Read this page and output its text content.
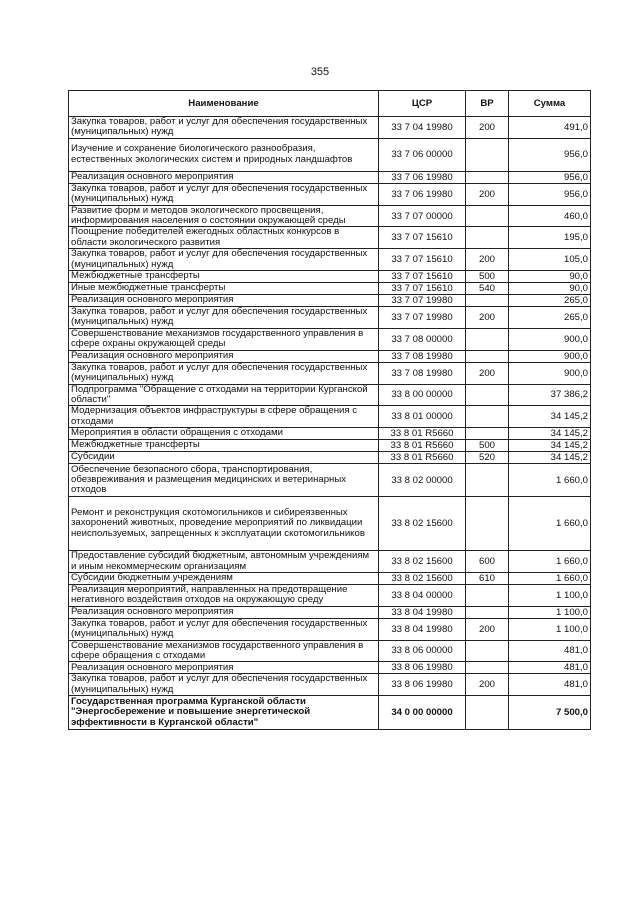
355
Наименование	ЦСР	ВР	Сумма
Закупка товаров, работ и услуг для обеспечения государственных (муниципальных) нужд	33 7 04 19980	200	491,0
Изучение и сохранение биологического разнообразия, естественных экологических систем и природных ландшафтов	33 7 06 00000		956,0
Реализация основного мероприятия	33 7 06 19980		956,0
Закупка товаров, работ и услуг для обеспечения государственных (муниципальных) нужд	33 7 06 19980	200	956,0
Развитие форм и методов экологического просвещения, информирования населения о состоянии окружающей среды	33 7 07 00000		460,0
Поощрение победителей ежегодных областных конкурсов в области экологического развития	33 7 07 15610		195,0
Закупка товаров, работ и услуг для обеспечения государственных (муниципальных) нужд	33 7 07 15610	200	105,0
Межбюджетные трансферты	33 7 07 15610	500	90,0
Иные межбюджетные трансферты	33 7 07 15610	540	90,0
Реализация основного мероприятия	33 7 07 19980		265,0
Закупка товаров, работ и услуг для обеспечения государственных (муниципальных) нужд	33 7 07 19980	200	265,0
Совершенствование механизмов государственного управления в сфере охраны окружающей среды	33 7 08 00000		900,0
Реализация основного мероприятия	33 7 08 19980		900,0
Закупка товаров, работ и услуг для обеспечения государственных (муниципальных) нужд	33 7 08 19980	200	900,0
Подпрограмма "Обращение с отходами на территории Курганской области"	33 8 00 00000		37 386,2
Модернизация объектов инфраструктуры в сфере обращения с отходами	33 8 01 00000		34 145,2
Мероприятия в области обращения с отходами	33 8 01 R5660		34 145,2
Межбюджетные трансферты	33 8 01 R5660	500	34 145,2
Субсидии	33 8 01 R5660	520	34 145,2
Обеспечение безопасного сбора, транспортирования, обезвреживания и размещения медицинских и ветеринарных отходов	33 8 02 00000		1 660,0
Ремонт и реконструкция скотомогильников и сибиреязвенных захоронений животных, проведение мероприятий по ликвидации неиспользуемых, запрещенных к эксплуатации скотомогильников	33 8 02 15600		1 660,0
Предоставление субсидий бюджетным, автономным учреждениям и иным некоммерческим организациям	33 8 02 15600	600	1 660,0
Субсидии бюджетным учреждениям	33 8 02 15600	610	1 660,0
Реализация мероприятий, направленных на предотвращение негативного воздействия отходов на окружающую среду	33 8 04 00000		1 100,0
Реализация основного мероприятия	33 8 04 19980		1 100,0
Закупка товаров, работ и услуг для обеспечения государственных (муниципальных) нужд	33 8 04 19980	200	1 100,0
Совершенствование механизмов государственного управления в сфере обращения с отходами	33 8 06 00000		481,0
Реализация основного мероприятия	33 8 06 19980		481,0
Закупка товаров, работ и услуг для обеспечения государственных (муниципальных) нужд	33 8 06 19980	200	481,0
Государственная программа Курганской области "Энергосбережение и повышение энергетической эффективности в Курганской области"	34 0 00 00000		7 500,0
